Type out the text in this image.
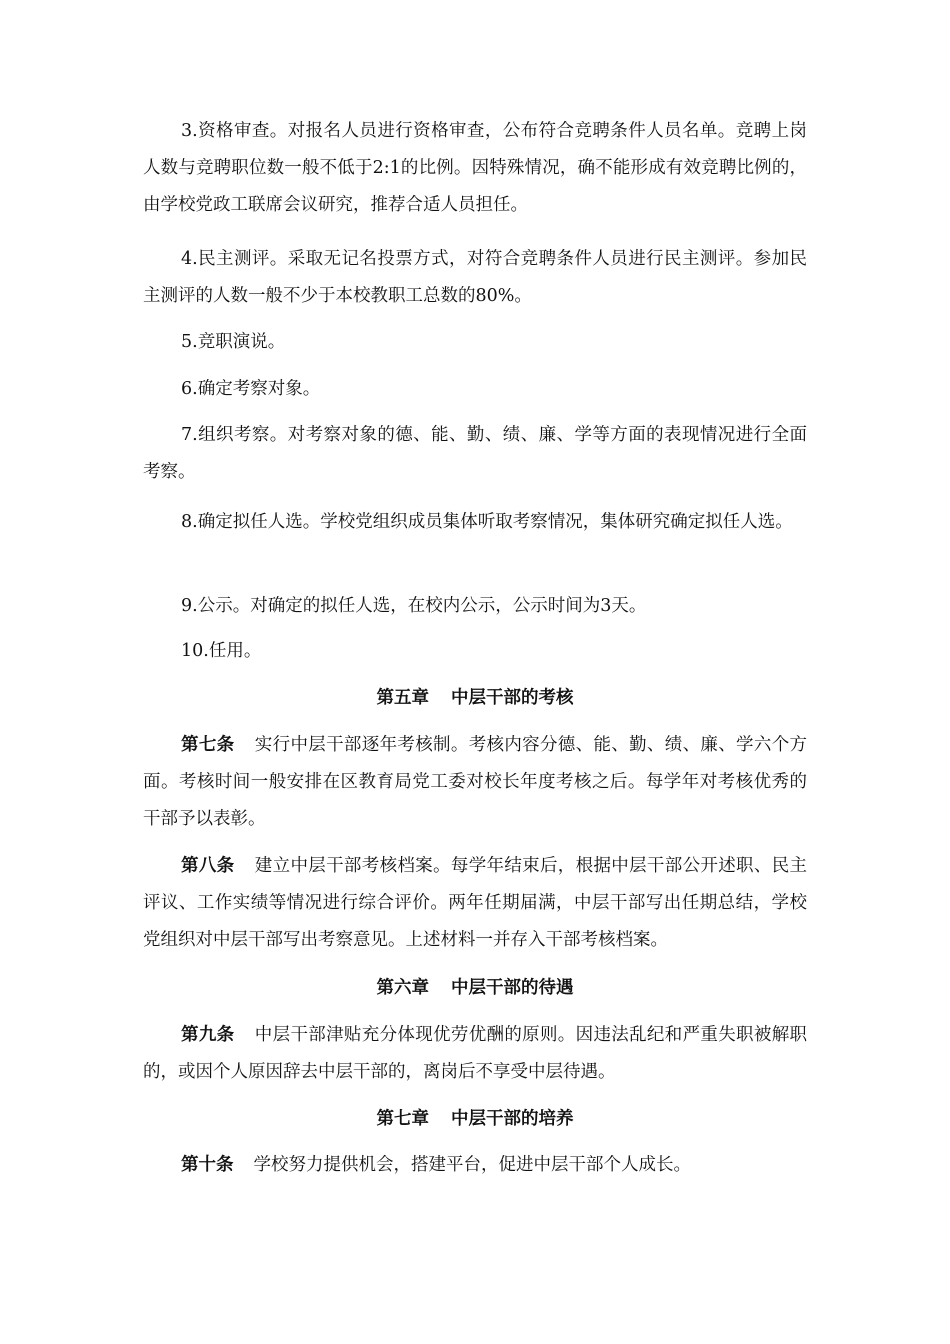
3.资格审查。对报名人员进行资格审查，公布符合竞聘条件人员名单。竞聘上岗人数与竞聘职位数一般不低于2:1的比例。因特殊情况，确不能形成有效竞聘比例的，由学校党政工联席会议研究，推荐合适人员担任。

4.民主测评。采取无记名投票方式，对符合竞聘条件人员进行民主测评。参加民主测评的人数一般不少于本校教职工总数的80%。

5.竞职演说。

6.确定考察对象。

7.组织考察。对考察对象的德、能、勤、绩、廉、学等方面的表现情况进行全面考察。

8.确定拟任人选。学校党组织成员集体听取考察情况，集体研究确定拟任人选。

9.公示。对确定的拟任人选，在校内公示，公示时间为3天。

10.任用。

第五章 中层干部的考核

第七条 实行中层干部逐年考核制。考核内容分德、能、勤、绩、廉、学六个方面。考核时间一般安排在区教育局党工委对校长年度考核之后。每学年对考核优秀的干部予以表彰。

第八条 建立中层干部考核档案。每学年结束后，根据中层干部公开述职、民主评议、工作实绩等情况进行综合评价。两年任期届满，中层干部写出任期总结，学校党组织对中层干部写出考察意见。上述材料一并存入干部考核档案。

第六章 中层干部的待遇

第九条 中层干部津贴充分体现优劳优酬的原则。因违法乱纪和严重失职被解职的，或因个人原因辞去中层干部的，离岗后不享受中层待遇。

第七章 中层干部的培养

第十条 学校努力提供机会，搭建平台，促进中层干部个人成长。
